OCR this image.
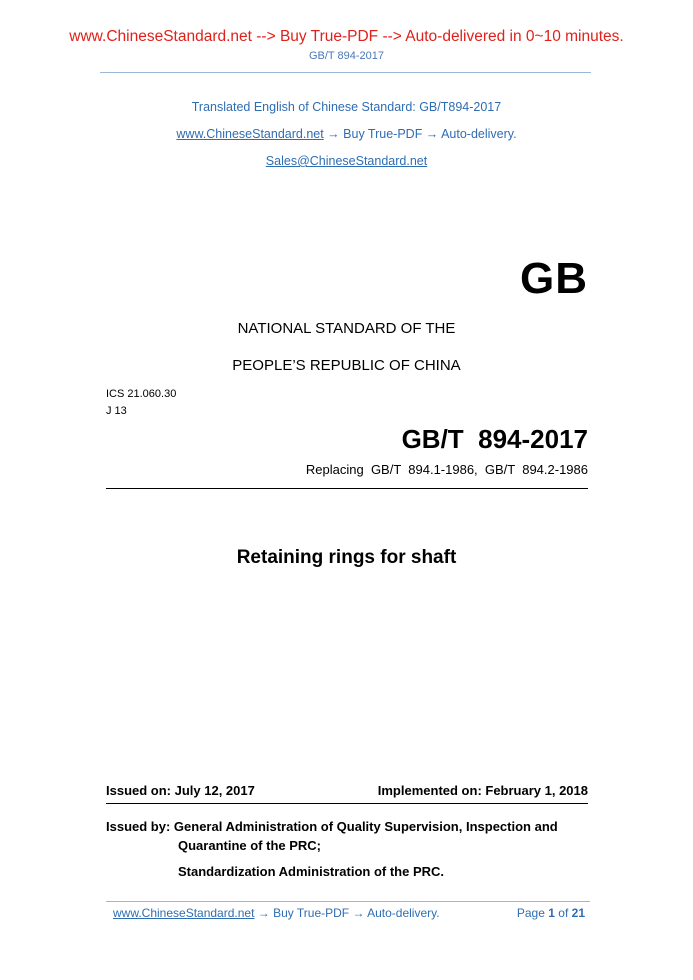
www.ChineseStandard.net --> Buy True-PDF --> Auto-delivered in 0~10 minutes.
GB/T 894-2017
Translated English of Chinese Standard: GB/T894-2017
www.ChineseStandard.net → Buy True-PDF → Auto-delivery.
Sales@ChineseStandard.net
GB
NATIONAL STANDARD OF THE
PEOPLE’S REPUBLIC OF CHINA
ICS 21.060.30
J 13
GB/T  894-2017
Replacing  GB/T  894.1-1986,  GB/T  894.2-1986
Retaining rings for shaft
Issued on: July 12, 2017	Implemented on: February 1, 2018
Issued by: General Administration of Quality Supervision, Inspection and
Quarantine of the PRC;
Standardization Administration of the PRC.
www.ChineseStandard.net → Buy True-PDF → Auto-delivery.	Page 1 of 21
